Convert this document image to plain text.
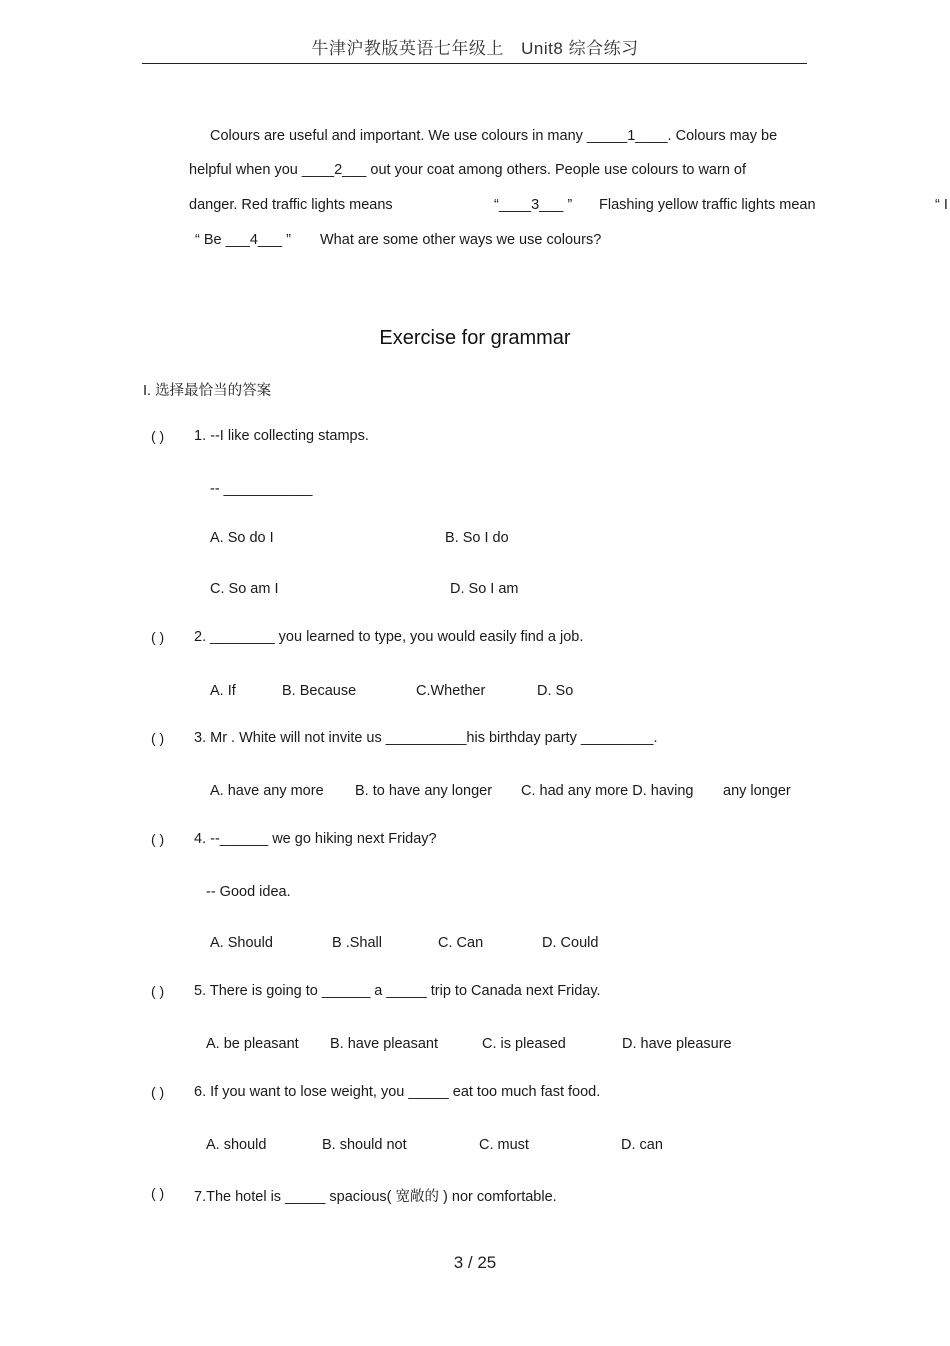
牛津沪教版英语七年级上 Unit8 综合练习
Colours are useful and important. We use colours in many _____1____. Colours may be
helpful when you ____2___ out your coat among others. People use colours to warn of
danger. Red traffic lights means	“____3___ ” Flashing yellow traffic lights mean	“ I
“ Be ___4___ ” What are some other ways we use colours?
Exercise for grammar
I. 选择最恰当的答案
( ) 1. --I like collecting stamps.
-- ___________
A. So do I	B. So I do
C. So am I	D. So I am
( ) 2. ________ you learned to type, you would easily find a job.
A. If	B. Because	C.Whether	D. So
( ) 3. Mr . White will not invite us __________his birthday party _________.
A. have any more B. to have any longer C. had any more D. having any longer
( ) 4. --______ we go hiking next Friday?
-- Good idea.
A. Should	B .Shall	C. Can	D. Could
( ) 5. There is going to ______ a _____ trip to Canada next Friday.
A. be pleasant B. have pleasant	C. is pleased	D. have pleasure
( ) 6. If you want to lose weight, you _____ eat too much fast food.
A. should	B. should not	C. must	D. can
( ) 7.The hotel is _____ spacious( 宽敞的 ) nor comfortable.
3 / 25
